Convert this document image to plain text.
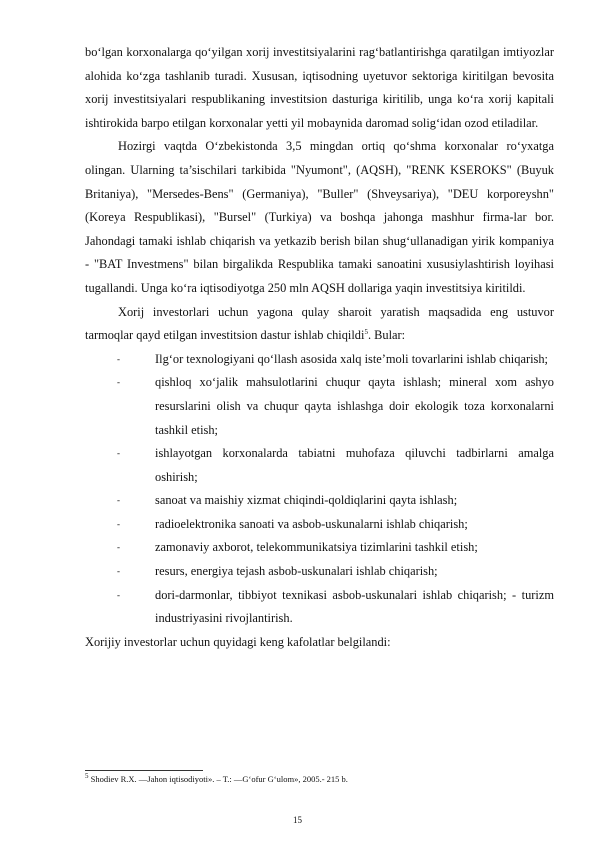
bo‘lgan korxonalarga qo‘yilgan xorij investitsiyalarini rag‘batlantirishga qaratilgan imtiyozlar alohida ko‘zga tashlanib turadi. Xususan, iqtisodning uyetuvor sektoriga kiritilgan bevosita xorij investitsiyalari respublikaning investitsion dasturiga kiritilib, unga ko‘ra xorij kapitali ishtirokida barpo etilgan korxonalar yetti yil mobaynida daromad solig‘idan ozod etiladilar.

Hozirgi vaqtda O‘zbekistonda 3,5 mingdan ortiq qo‘shma korxonalar ro‘yxatga olingan. Ularning ta’sischilari tarkibida "Nyumont", (AQSH), "RENK KSEROKS" (Buyuk Britaniya), "Mersedes-Bens" (Germaniya), "Buller" (Shveysariya), "DEU korporeyshn" (Koreya Respublikasi), "Bursel" (Turkiya) va boshqa jahonga mashhur firma-lar bor. Jahondagi tamaki ishlab chiqarish va yetkazib berish bilan shug‘ullanadigan yirik kompaniya - "BAT Investmens" bilan birgalikda Respublika tamaki sanoatini xususiylashtirish loyihasi tugallandi. Unga ko‘ra iqtisodiyotga 250 mln AQSH dollariga yaqin investitsiya kiritildi.

Xorij investorlari uchun yagona qulay sharoit yaratish maqsadida eng ustuvor tarmoqlar qayd etilgan investitsion dastur ishlab chiqildi$^5$. Bular:

-	Ilg‘or texnologiyani qo‘llash asosida xalq iste’moli tovarlarini ishlab chiqarish;
-	qishloq xo‘jalik mahsulotlarini chuqur qayta ishlash; mineral xom ashyo resurslarini olish va chuqur qayta ishlashga doir ekologik toza korxonalarni tashkil etish;
-	ishlayotgan korxonalarda tabiatni muhofaza qiluvchi tadbirlarni amalga oshirish;
-	sanoat va maishiy xizmat chiqindi-qoldiqlarini qayta ishlash;
-	radioelektronika sanoati va asbob-uskunalarni ishlab chiqarish;
-	zamonaviy axborot, telekommunikatsiya tizimlarini tashkil etish;
-	resurs, energiya tejash asbob-uskunalari ishlab chiqarish;
-	dori-darmonlar, tibbiyot texnikasi asbob-uskunalari ishlab chiqarish; - turizm industriyasini rivojlantirish.

Xorijiy investorlar uchun quyidagi keng kafolatlar belgilandi:

$^5$ Shodiev R.X. —Jahon iqtisodiyoti». – T.: —G‘ofur G‘ulom», 2005.- 215 b.
15
